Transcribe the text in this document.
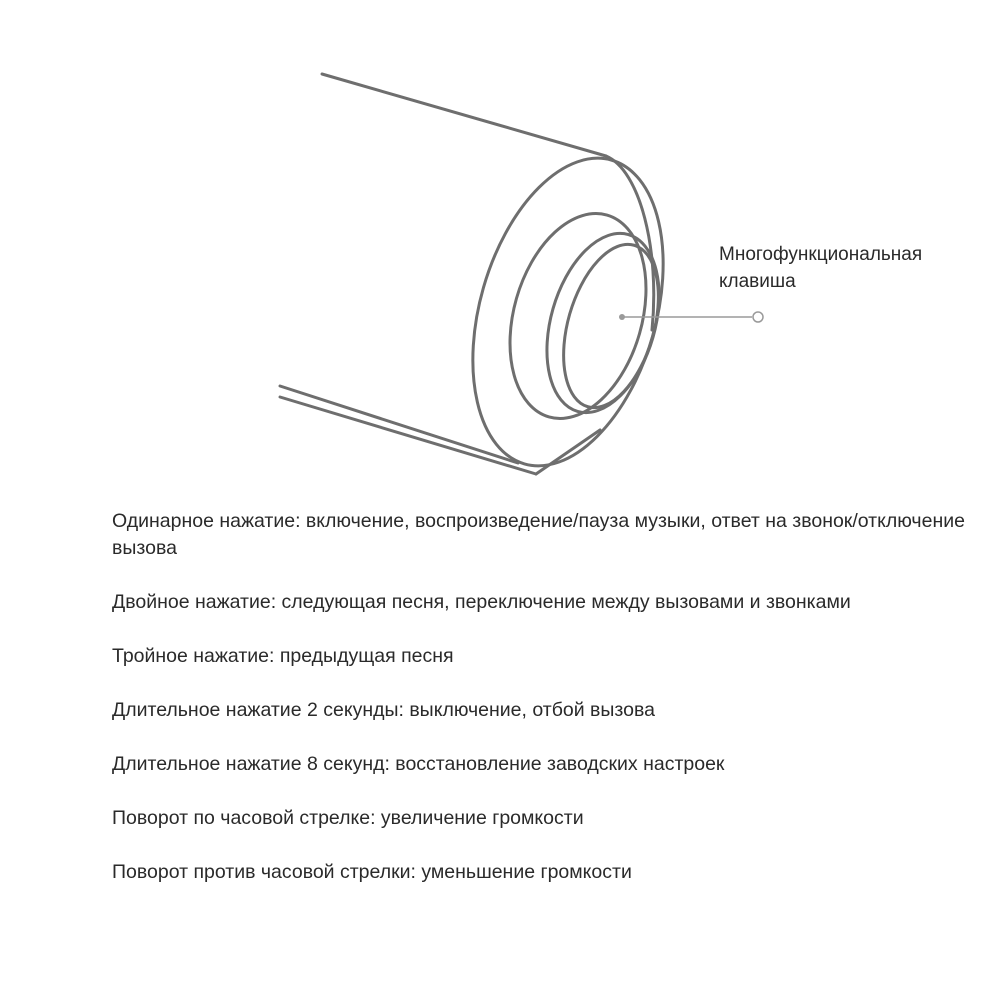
Многофункциональная
клавиша
Одинарное нажатие: включение, воспроизведение/пауза музыки, ответ на звонок/отключение вызова
Двойное нажатие: следующая песня, переключение между вызовами и звонками
Тройное нажатие: предыдущая песня
Длительное нажатие 2 секунды: выключение, отбой вызова
Длительное нажатие 8 секунд: восстановление заводских настроек
Поворот по часовой стрелке: увеличение громкости
Поворот против часовой стрелки: уменьшение громкости
